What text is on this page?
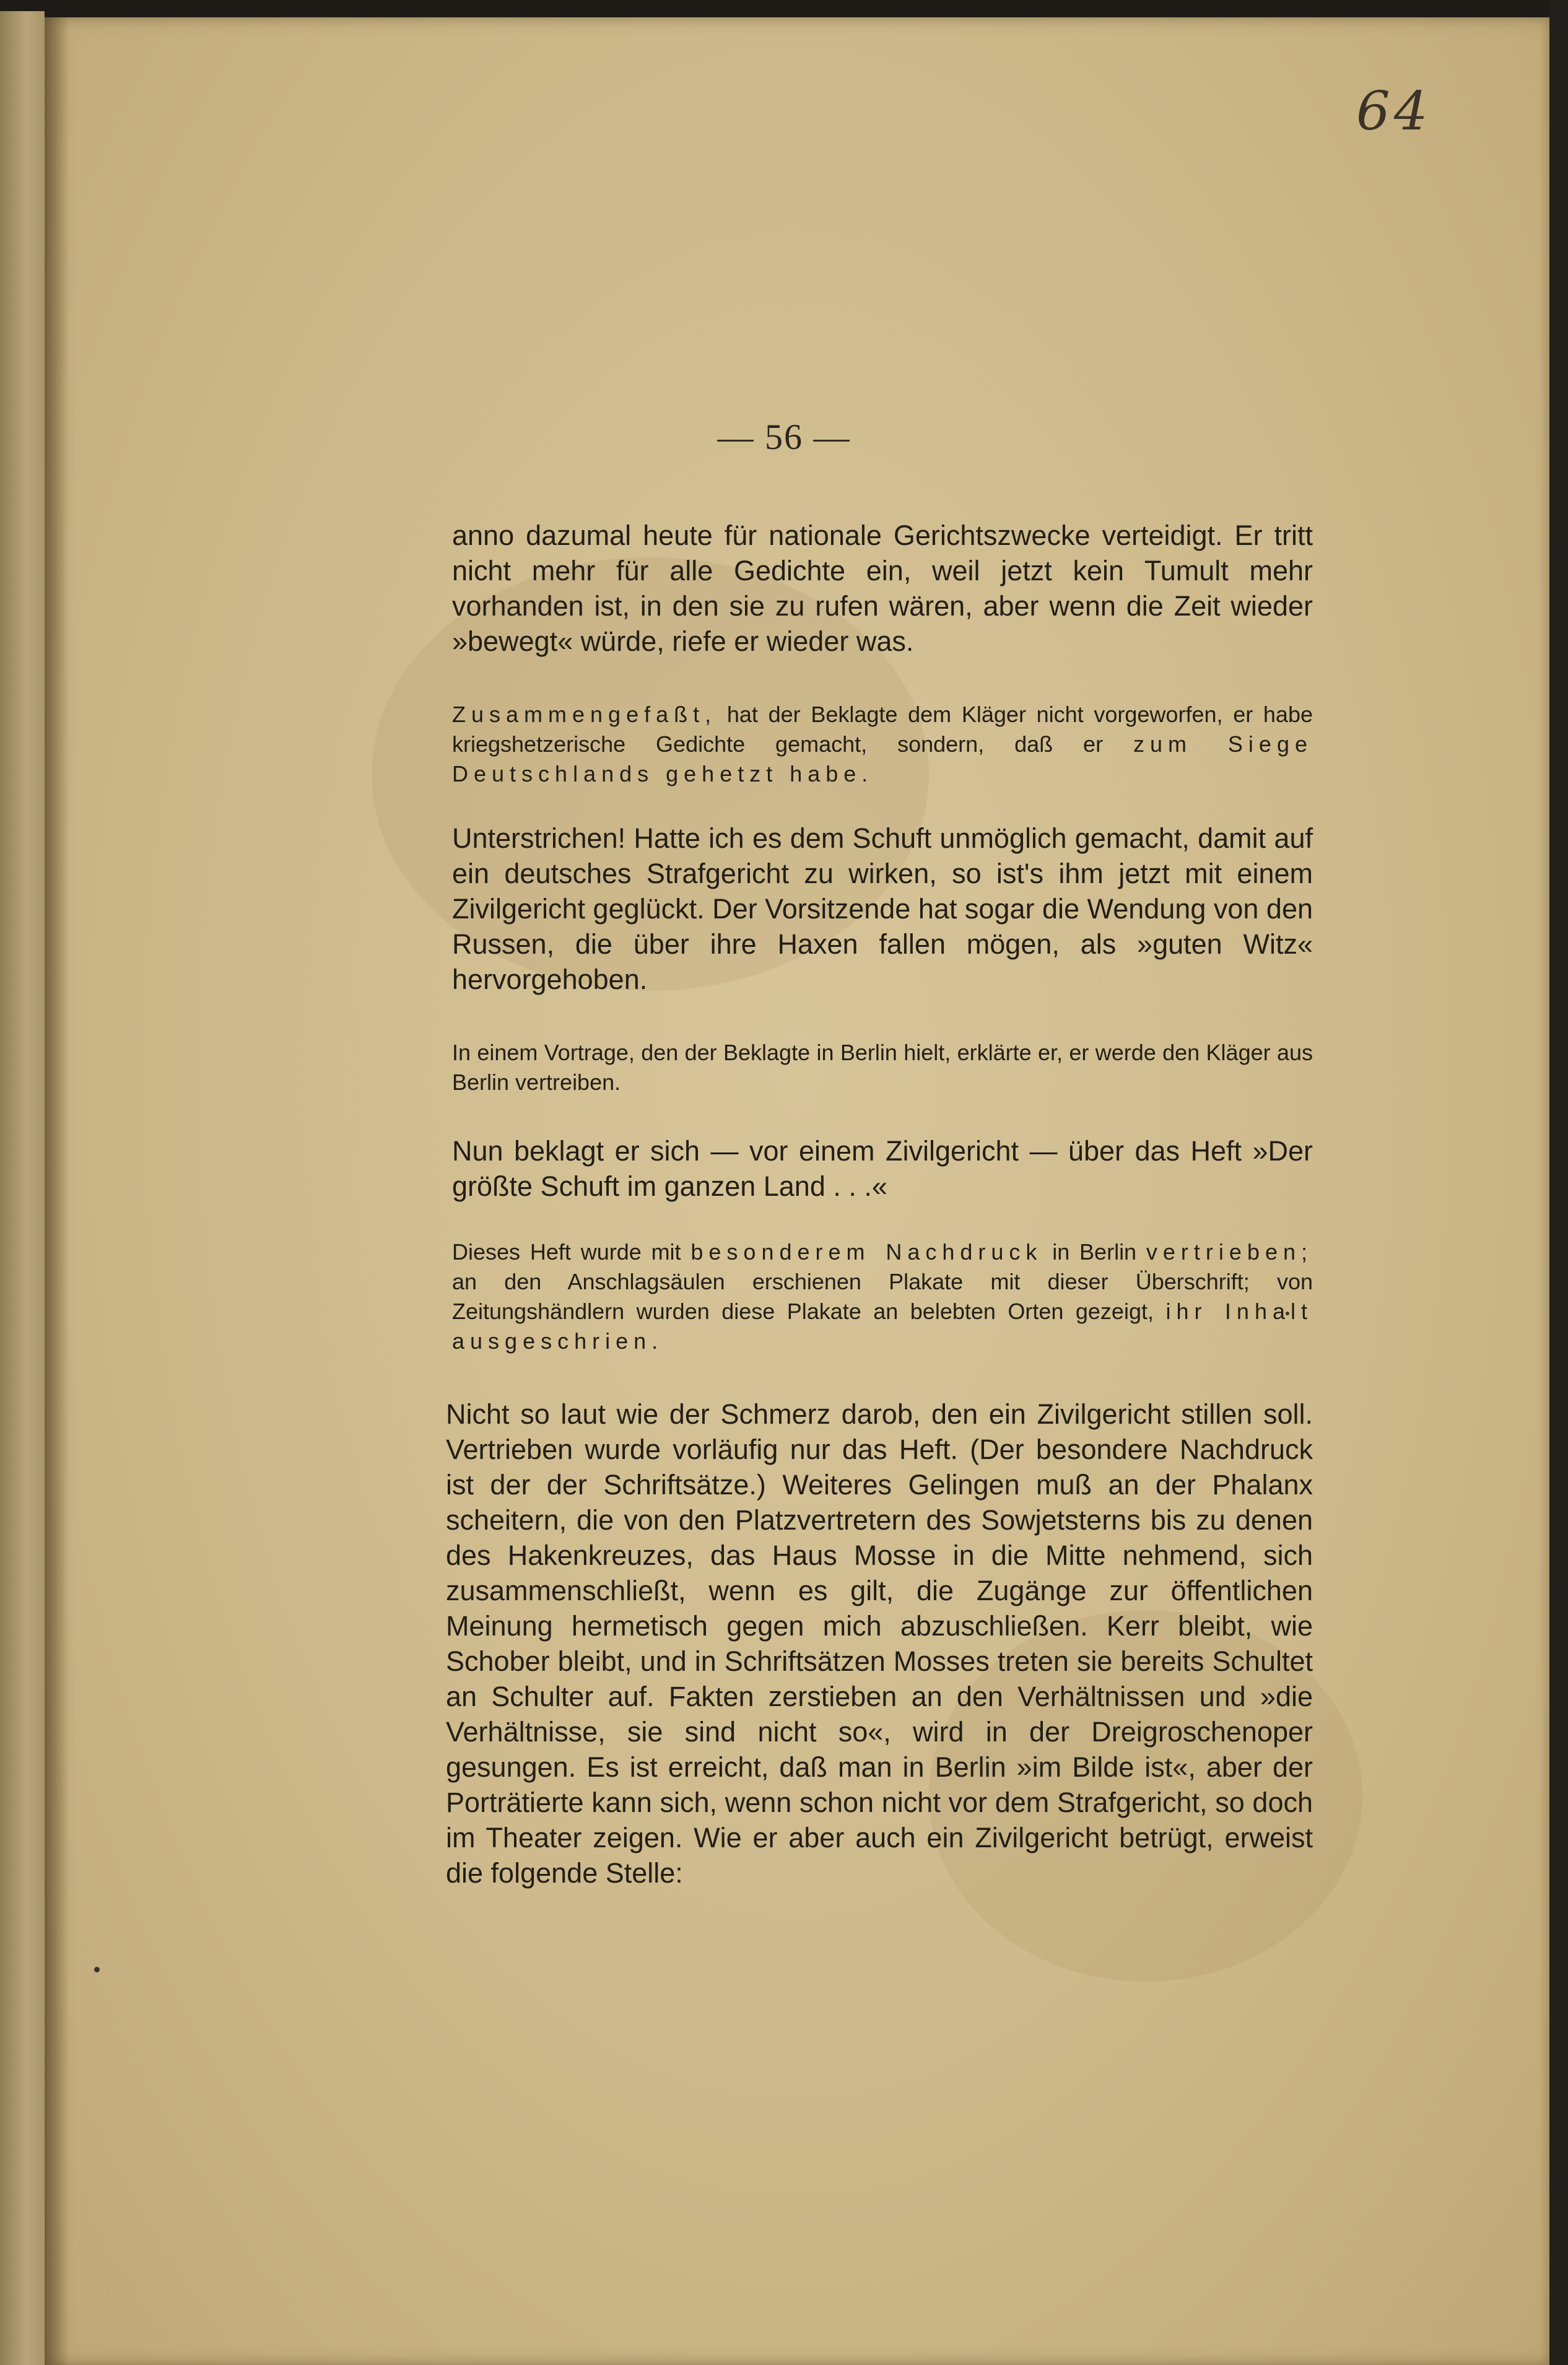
64
— 56 —

anno dazumal heute für nationale Gerichtszwecke verteidigt. Er tritt nicht mehr für alle Gedichte ein, weil jetzt kein Tumult mehr vorhanden ist, in den sie zu rufen wären, aber wenn die Zeit wieder »bewegt« würde, riefe er wieder was.

Zusammengefaßt, hat der Beklagte dem Kläger nicht vorgeworfen, er habe kriegshetzerische Gedichte gemacht, sondern, daß er zum Siege Deutschlands gehetzt habe.

Unterstrichen! Hatte ich es dem Schuft unmöglich gemacht, damit auf ein deutsches Strafgericht zu wirken, so ist's ihm jetzt mit einem Zivilgericht geglückt. Der Vorsitzende hat sogar die Wendung von den Russen, die über ihre Haxen fallen mögen, als »guten Witz« hervorgehoben.

In einem Vortrage, den der Beklagte in Berlin hielt, erklärte er, er werde den Kläger aus Berlin vertreiben.

Nun beklagt er sich — vor einem Zivilgericht — über das Heft »Der größte Schuft im ganzen Land . . .«

Dieses Heft wurde mit besonderem Nachdruck in Berlin vertrieben; an den Anschlagsäulen erschienen Plakate mit dieser Überschrift; von Zeitungshändlern wurden diese Plakate an belebten Orten gezeigt, ihr Inhalt ausgeschrien.

Nicht so laut wie der Schmerz darob, den ein Zivilgericht stillen soll. Vertrieben wurde vorläufig nur das Heft. (Der besondere Nachdruck ist der der Schriftsätze.) Weiteres Gelingen muß an der Phalanx scheitern, die von den Platzvertretern des Sowjetsterns bis zu denen des Hakenkreuzes, das Haus Mosse in die Mitte nehmend, sich zusammenschließt, wenn es gilt, die Zugänge zur öffentlichen Meinung hermetisch gegen mich abzuschließen. Kerr bleibt, wie Schober bleibt, und in Schriftsätzen Mosses treten sie bereits Schultet an Schulter auf. Fakten zerstieben an den Verhältnissen und »die Verhältnisse, sie sind nicht so«, wird in der Dreigroschenoper gesungen. Es ist erreicht, daß man in Berlin »im Bilde ist«, aber der Porträtierte kann sich, wenn schon nicht vor dem Strafgericht, so doch im Theater zeigen. Wie er aber auch ein Zivilgericht betrügt, erweist die folgende Stelle:
